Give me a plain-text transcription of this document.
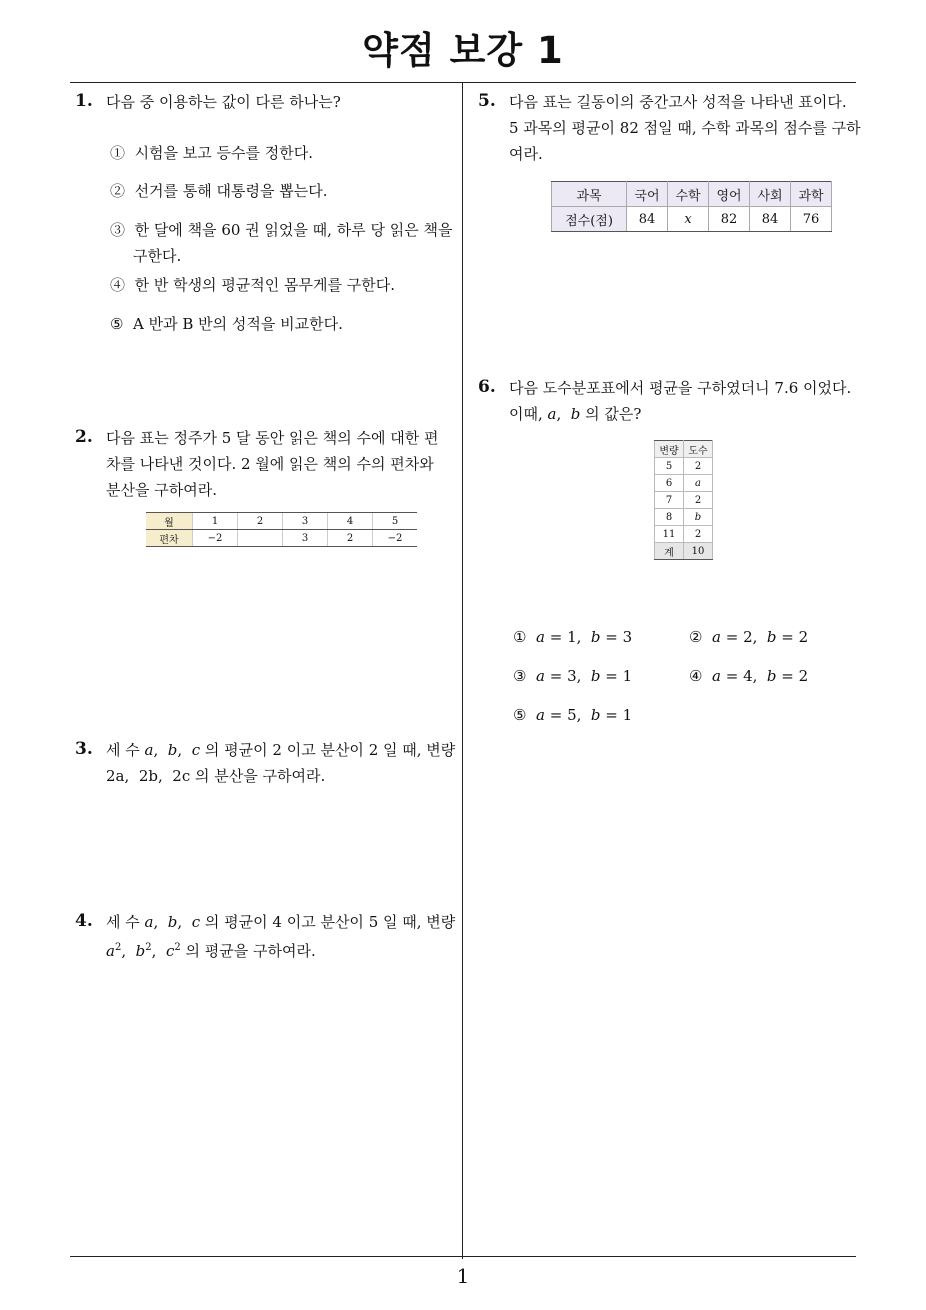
약점 보강 1
1
1. 다음 중 이용하는 값이 다른 하나는?
① 시험을 보고 등수를 정한다.
② 선거를 통해 대통령을 뽑는다.
③ 한 달에 책을 60 권 읽었을 때, 하루 당 읽은 책을
구한다.
④ 한 반 학생의 평균적인 몸무게를 구한다.
⑤ A 반과 B 반의 성적을 비교한다.
2. 다음 표는 정주가 5 달 동안 읽은 책의 수에 대한 편
차를 나타낸 것이다. 2 월에 읽은 책의 수의 편차와
분산을 구하여라.
월	1	2	3	4	5
편차	−2		3	2	−2
3. 세 수 a,  b,  c 의 평균이 2 이고 분산이 2 일 때, 변량
2a,  2b,  2c 의 분산을 구하여라.
4. 세 수 a,  b,  c 의 평균이 4 이고 분산이 5 일 때, 변량
$a^2$,  $b^2$,  $c^2$ 의 평균을 구하여라.
5. 다음 표는 길동이의 중간고사 성적을 나타낸 표이다.
5 과목의 평균이 82 점일 때, 수학 과목의 점수를 구하
여라.
과목	국어	수학	영어	사회	과학
점수(점)	84	x	82	84	76
6. 다음 도수분포표에서 평균을 구하였더니 7.6 이었다.
이때, a,  b 의 값은?
변량	도수
5	2
6	a
7	2
8	b
11	2
계	10
① a = 1,  b = 3	② a = 2,  b = 2
③ a = 3,  b = 1	④ a = 4,  b = 2
⑤ a = 5,  b = 1
